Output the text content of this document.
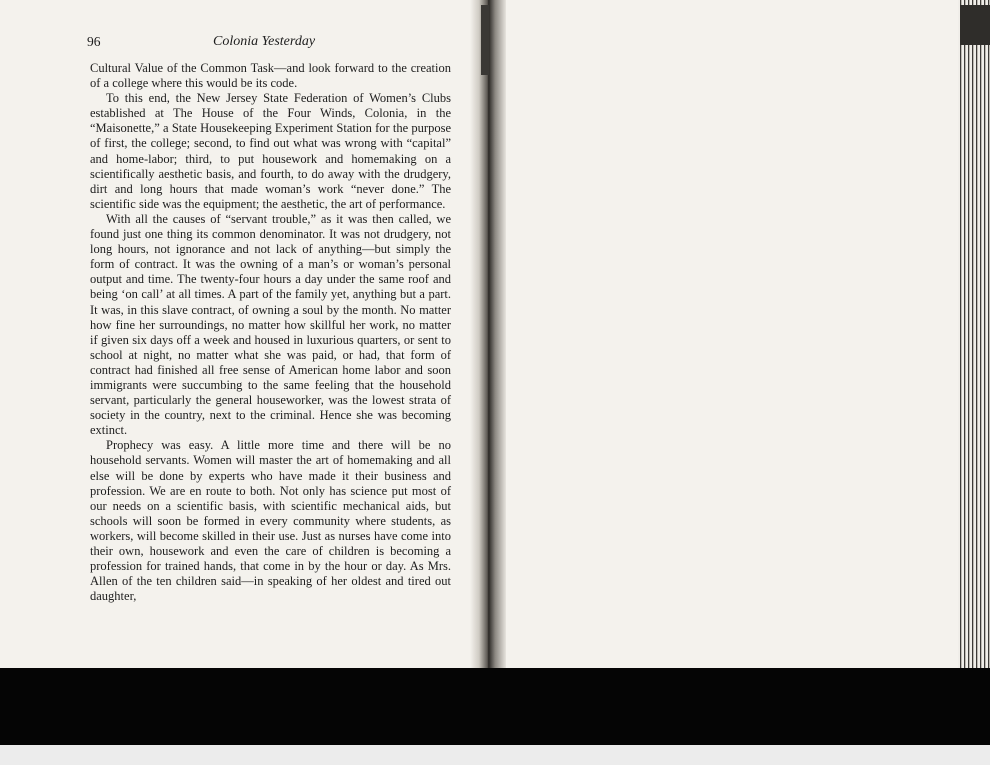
96	Colonia Yesterday

Cultural Value of the Common Task—and look forward to the creation of a college where this would be its code.

To this end, the New Jersey State Federation of Women’s Clubs established at The House of the Four Winds, Colonia, in the “Maisonette,” a State Housekeeping Experiment Station for the purpose of first, the college; second, to find out what was wrong with “capital” and home-labor; third, to put housework and homemaking on a scientifically aesthetic basis, and fourth, to do away with the drudgery, dirt and long hours that made woman’s work “never done.” The scientific side was the equipment; the aesthetic, the art of performance.

With all the causes of “servant trouble,” as it was then called, we found just one thing its common denominator. It was not drudgery, not long hours, not ignorance and not lack of anything—but simply the form of contract. It was the owning of a man’s or woman’s personal output and time. The twenty-four hours a day under the same roof and being ‘on call’ at all times. A part of the family yet, anything but a part. It was, in this slave contract, of owning a soul by the month. No matter how fine her surroundings, no matter how skillful her work, no matter if given six days off a week and housed in luxurious quarters, or sent to school at night, no matter what she was paid, or had, that form of contract had finished all free sense of American home labor and soon immigrants were succumbing to the same feeling that the household servant, particularly the general houseworker, was the lowest strata of society in the country, next to the criminal. Hence she was becoming extinct.

Prophecy was easy. A little more time and there will be no household servants. Women will master the art of homemaking and all else will be done by experts who have made it their business and profession. We are en route to both. Not only has science put most of our needs on a scientific basis, with scientific mechanical aids, but schools will soon be formed in every community where students, as workers, will become skilled in their use. Just as nurses have come into their own, housework and even the care of children is becoming a profession for trained hands, that come in by the hour or day. As Mrs. Allen of the ten children said—in speaking of her oldest and tired out daughter,
